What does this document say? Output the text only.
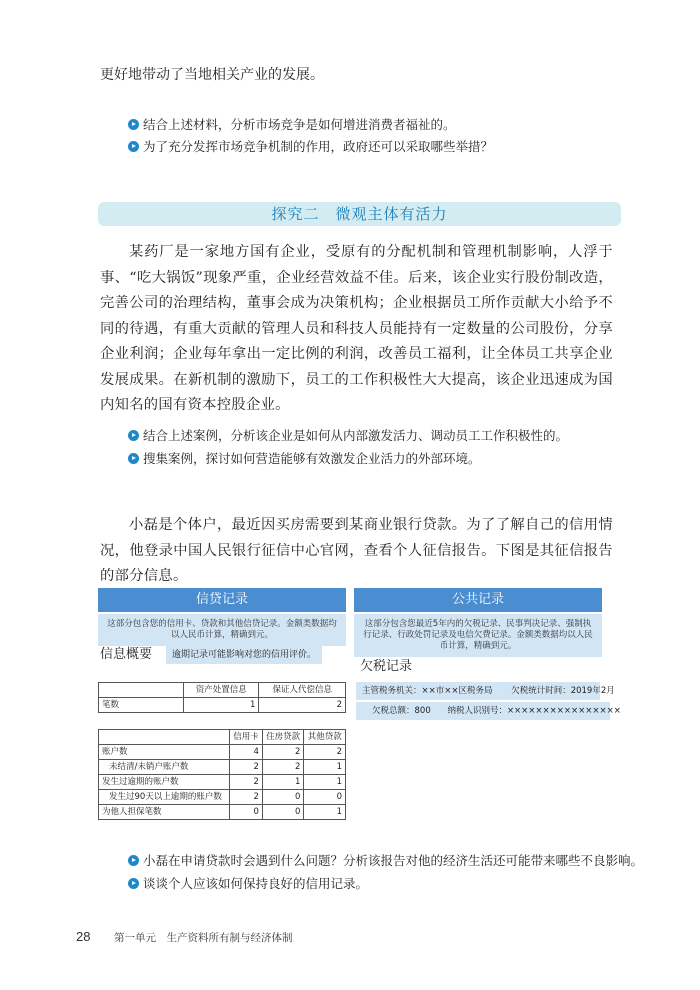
更好地带动了当地相关产业的发展。
结合上述材料，分析市场竞争是如何增进消费者福祉的。
为了充分发挥市场竞争机制的作用，政府还可以采取哪些举措？
探究二　微观主体有活力
某药厂是一家地方国有企业，受原有的分配机制和管理机制影响，人浮于事、“吃大锅饭”现象严重，企业经营效益不佳。后来，该企业实行股份制改造，完善公司的治理结构，董事会成为决策机构；企业根据员工所作贡献大小给予不同的待遇，有重大贡献的管理人员和科技人员能持有一定数量的公司股份，分享企业利润；企业每年拿出一定比例的利润，改善员工福利，让全体员工共享企业发展成果。在新机制的激励下，员工的工作积极性大大提高，该企业迅速成为国内知名的国有资本控股企业。
结合上述案例，分析该企业是如何从内部激发活力、调动员工工作积极性的。
搜集案例，探讨如何营造能够有效激发企业活力的外部环境。
小磊是个体户，最近因买房需要到某商业银行贷款。为了了解自己的信用情况，他登录中国人民银行征信中心官网，查看个人征信报告。下图是其征信报告的部分信息。
信贷记录
这部分包含您的信用卡、贷款和其他信贷记录。金额类数据均以人民币计算，精确到元。
信息概要	逾期记录可能影响对您的信用评价。
	资产处置信息	保证人代偿信息
笔数	1	2
	信用卡	住房贷款	其他贷款
账户数	4	2	2
未结清/未销户账户数	2	2	1
发生过逾期的账户数	2	1	1
发生过90天以上逾期的账户数	2	0	0
为他人担保笔数	0	0	1
公共记录
这部分包含您最近5年内的欠税记录、民事判决记录、强制执行记录、行政处罚记录及电信欠费记录。金额类数据均以人民币计算，精确到元。
欠税记录
主管税务机关：××市××区税务局 欠税统计时间：2019年2月
欠税总额：800 纳税人识别号：××××××××××××××××
小磊在申请贷款时会遇到什么问题？分析该报告对他的经济生活还可能带来哪些不良影响。
谈谈个人应该如何保持良好的信用记录。
28 第一单元　生产资料所有制与经济体制
